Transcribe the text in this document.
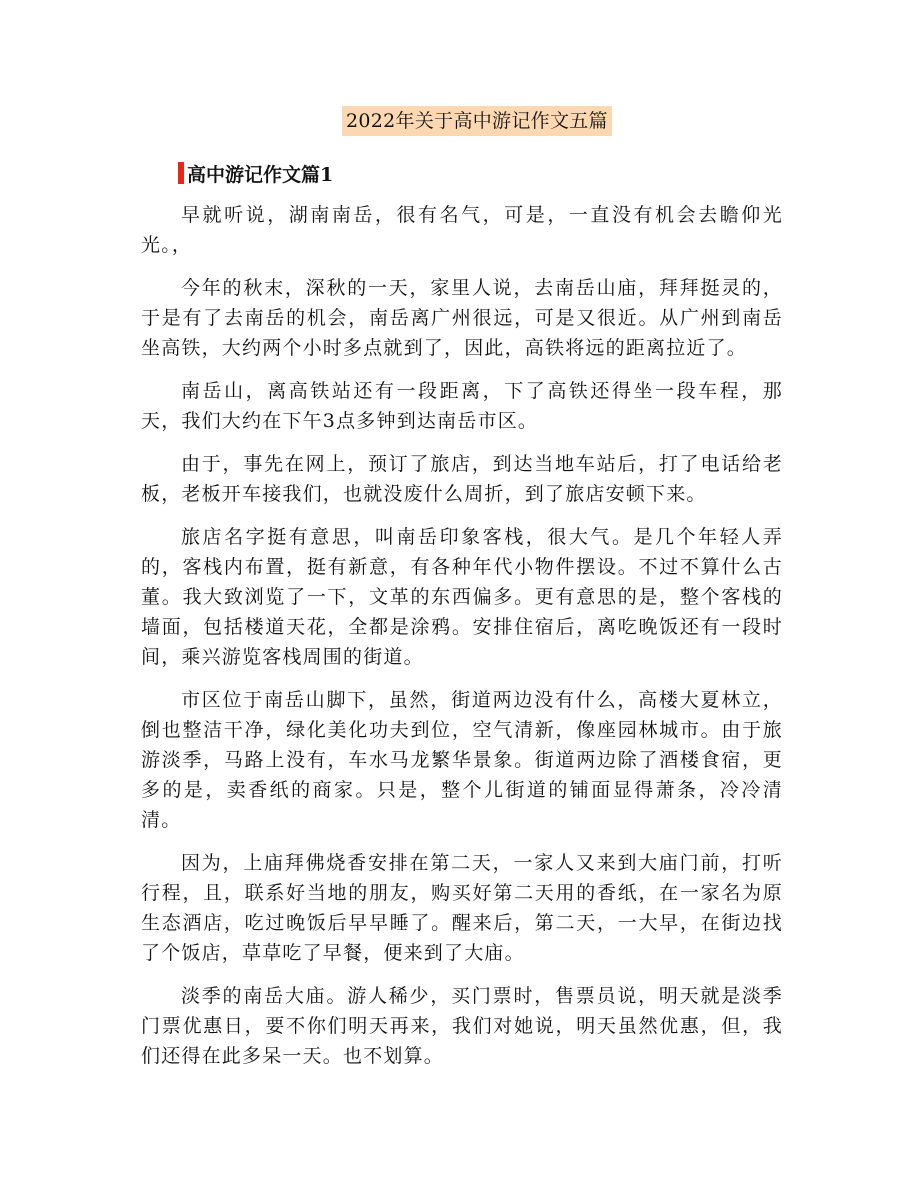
2022年关于高中游记作文五篇
高中游记作文篇1

早就听说，湖南南岳，很有名气，可是，一直没有机会去瞻仰光光。，

今年的秋末，深秋的一天，家里人说，去南岳山庙，拜拜挺灵的，于是有了去南岳的机会，南岳离广州很远，可是又很近。从广州到南岳坐高铁，大约两个小时多点就到了，因此，高铁将远的距离拉近了。

南岳山，离高铁站还有一段距离，下了高铁还得坐一段车程，那天，我们大约在下午3点多钟到达南岳市区。

由于，事先在网上，预订了旅店，到达当地车站后，打了电话给老板，老板开车接我们，也就没废什么周折，到了旅店安顿下来。

旅店名字挺有意思，叫南岳印象客栈，很大气。是几个年轻人弄的，客栈内布置，挺有新意，有各种年代小物件摆设。不过不算什么古董。我大致浏览了一下，文革的东西偏多。更有意思的是，整个客栈的墙面，包括楼道天花，全都是涂鸦。安排住宿后，离吃晚饭还有一段时间，乘兴游览客栈周围的街道。

市区位于南岳山脚下，虽然，街道两边没有什么，高楼大夏林立，倒也整洁干净，绿化美化功夫到位，空气清新，像座园林城市。由于旅游淡季，马路上没有，车水马龙繁华景象。街道两边除了酒楼食宿，更多的是，卖香纸的商家。只是，整个儿街道的铺面显得萧条，冷冷清清。

因为，上庙拜佛烧香安排在第二天，一家人又来到大庙门前，打听行程，且，联系好当地的朋友，购买好第二天用的香纸，在一家名为原生态酒店，吃过晚饭后早早睡了。醒来后，第二天，一大早，在街边找了个饭店，草草吃了早餐，便来到了大庙。

淡季的南岳大庙。游人稀少，买门票时，售票员说，明天就是淡季门票优惠日，要不你们明天再来，我们对她说，明天虽然优惠，但，我们还得在此多呆一天。也不划算。
